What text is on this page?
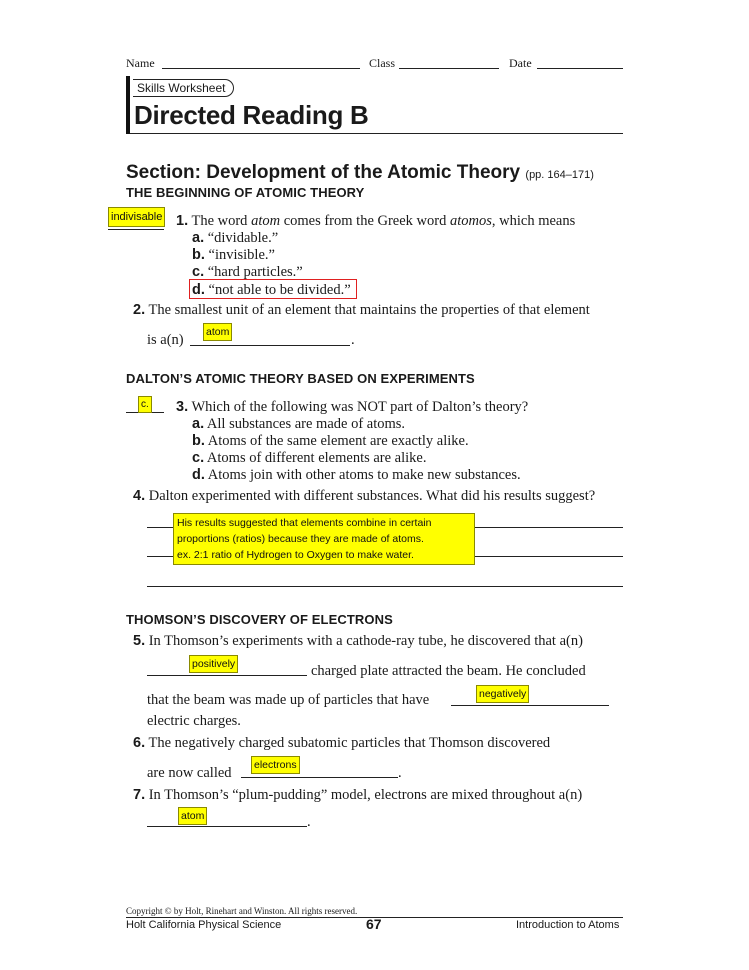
Name	Class	Date
Skills Worksheet
Directed Reading B
Section: Development of the Atomic Theory (pp. 164–171)
THE BEGINNING OF ATOMIC THEORY
indivisable 1. The word atom comes from the Greek word atomos, which means
a. “dividable.”
b. “invisible.”
c. “hard particles.”
d. “not able to be divided.”
2. The smallest unit of an element that maintains the properties of that element
is a(n)	.
atom
DALTON’S ATOMIC THEORY BASED ON EXPERIMENTS
c. 3. Which of the following was NOT part of Dalton’s theory?
a. All substances are made of atoms.
b. Atoms of the same element are exactly alike.
c. Atoms of different elements are alike.
d. Atoms join with other atoms to make new substances.
4. Dalton experimented with different substances. What did his results suggest?
His results suggested that elements combine in certain
proportions (ratios) because they are made of atoms.
ex. 2:1 ratio of Hydrogen to Oxygen to make water.
THOMSON’S DISCOVERY OF ELECTRONS
5. In Thomson’s experiments with a cathode-ray tube, he discovered that a(n)
positively	charged plate attracted the beam. He concluded
that the beam was made up of particles that have	negatively
electric charges.
6. The negatively charged subatomic particles that Thomson discovered
are now called	.
electrons
7. In Thomson’s “plum-pudding” model, electrons are mixed throughout a(n)
.
atom
Copyright © by Holt, Rinehart and Winston. All rights reserved.
Holt California Physical Science	67	Introduction to Atoms
